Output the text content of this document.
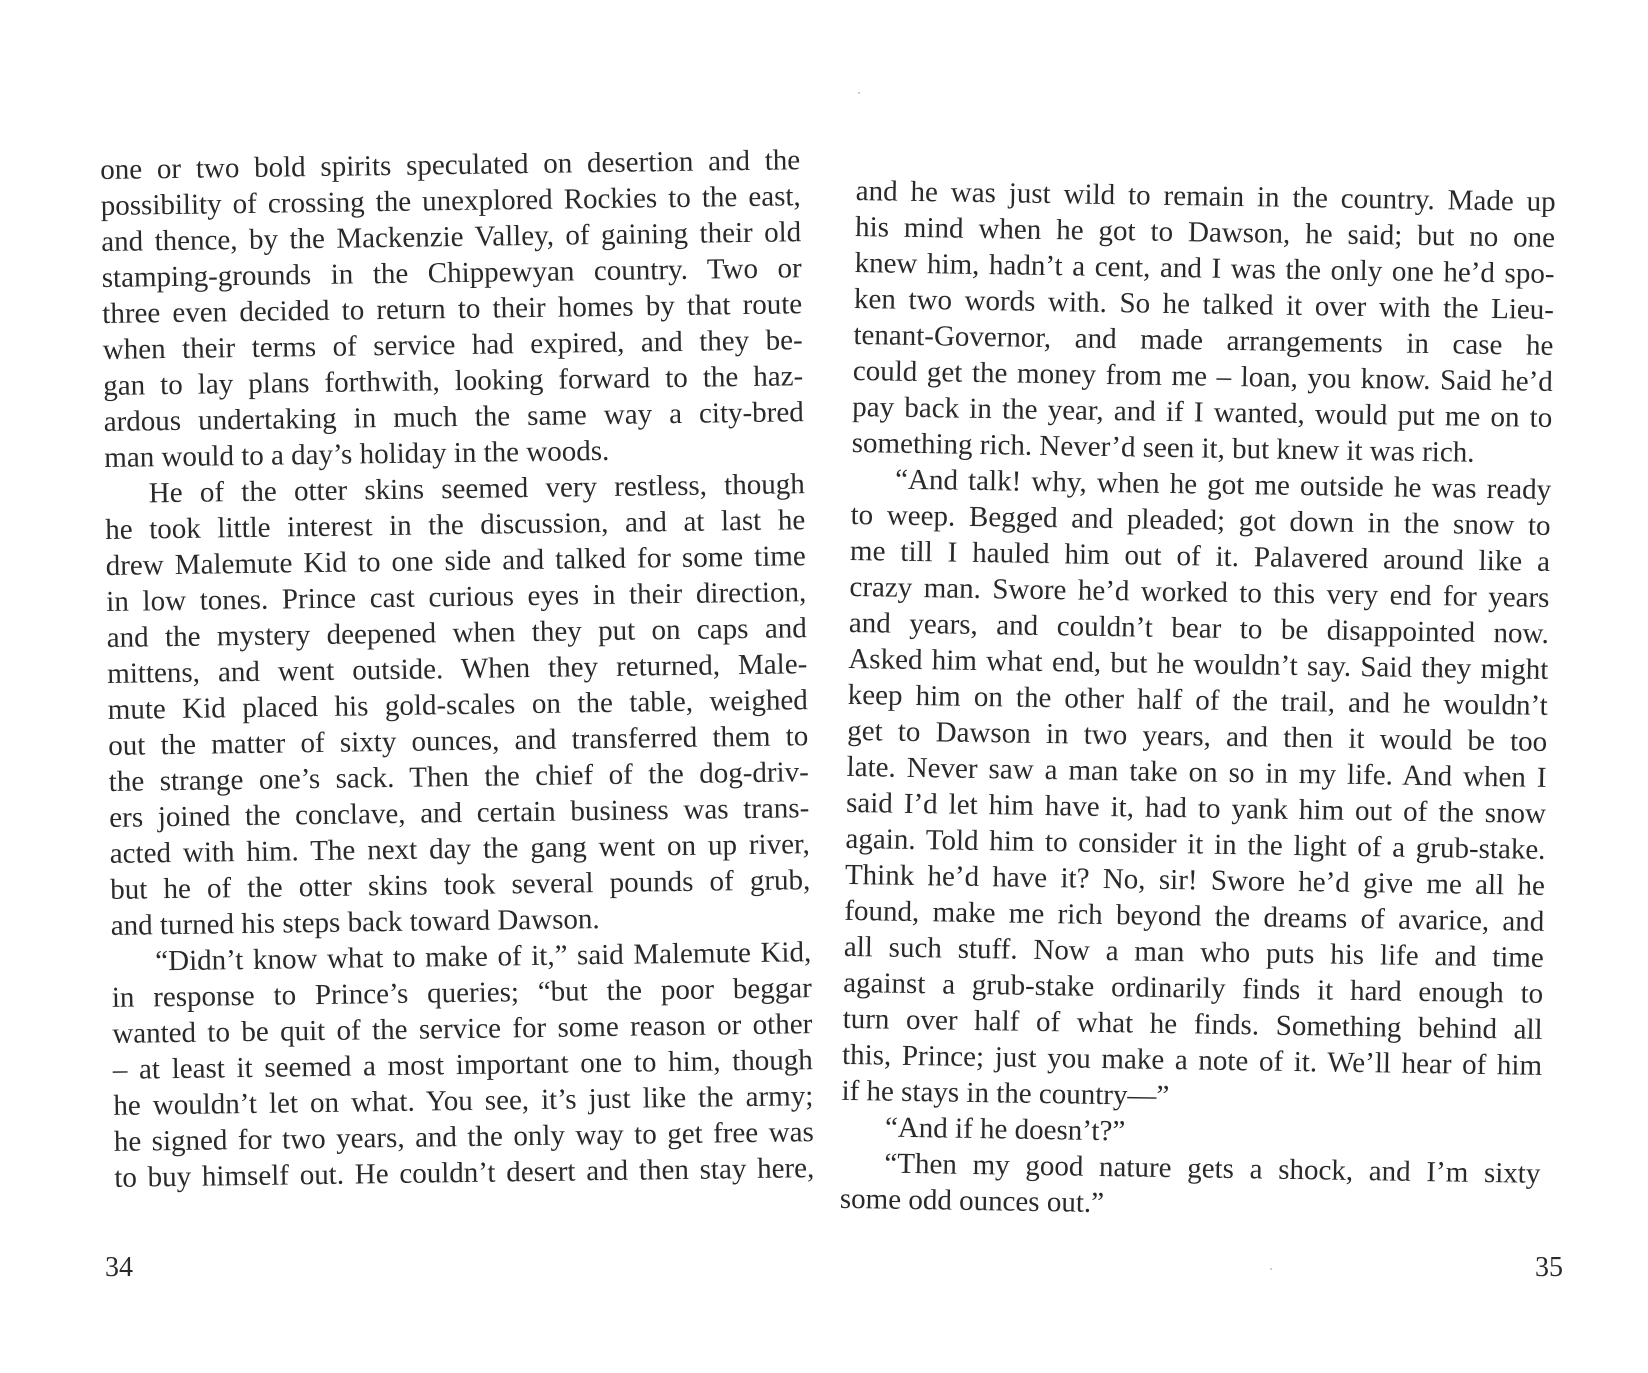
one or two bold spirits speculated on desertion and the
possibility of crossing the unexplored Rockies to the east,
and thence, by the Mackenzie Valley, of gaining their old
stamping-grounds in the Chippewyan country. Two or
three even decided to return to their homes by that route
when their terms of service had expired, and they be-
gan to lay plans forthwith, looking forward to the haz-
ardous undertaking in much the same way a city-bred
man would to a day’s holiday in the woods.
He of the otter skins seemed very restless, though
he took little interest in the discussion, and at last he
drew Malemute Kid to one side and talked for some time
in low tones. Prince cast curious eyes in their direction,
and the mystery deepened when they put on caps and
mittens, and went outside. When they returned, Male-
mute Kid placed his gold-scales on the table, weighed
out the matter of sixty ounces, and transferred them to
the strange one’s sack. Then the chief of the dog-driv-
ers joined the conclave, and certain business was trans-
acted with him. The next day the gang went on up river,
but he of the otter skins took several pounds of grub,
and turned his steps back toward Dawson.
“Didn’t know what to make of it,” said Malemute Kid,
in response to Prince’s queries; “but the poor beggar
wanted to be quit of the service for some reason or other
– at least it seemed a most important one to him, though
he wouldn’t let on what. You see, it’s just like the army;
he signed for two years, and the only way to get free was
to buy himself out. He couldn’t desert and then stay here,
34
and he was just wild to remain in the country. Made up
his mind when he got to Dawson, he said; but no one
knew him, hadn’t a cent, and I was the only one he’d spo-
ken two words with. So he talked it over with the Lieu-
tenant-Governor, and made arrangements in case he
could get the money from me – loan, you know. Said he’d
pay back in the year, and if I wanted, would put me on to
something rich. Never’d seen it, but knew it was rich.
“And talk! why, when he got me outside he was ready
to weep. Begged and pleaded; got down in the snow to
me till I hauled him out of it. Palavered around like a
crazy man. Swore he’d worked to this very end for years
and years, and couldn’t bear to be disappointed now.
Asked him what end, but he wouldn’t say. Said they might
keep him on the other half of the trail, and he wouldn’t
get to Dawson in two years, and then it would be too
late. Never saw a man take on so in my life. And when I
said I’d let him have it, had to yank him out of the snow
again. Told him to consider it in the light of a grub-stake.
Think he’d have it? No, sir! Swore he’d give me all he
found, make me rich beyond the dreams of avarice, and
all such stuff. Now a man who puts his life and time
against a grub-stake ordinarily finds it hard enough to
turn over half of what he finds. Something behind all
this, Prince; just you make a note of it. We’ll hear of him
if he stays in the country—”
“And if he doesn’t?”
“Then my good nature gets a shock, and I’m sixty
some odd ounces out.”
35
